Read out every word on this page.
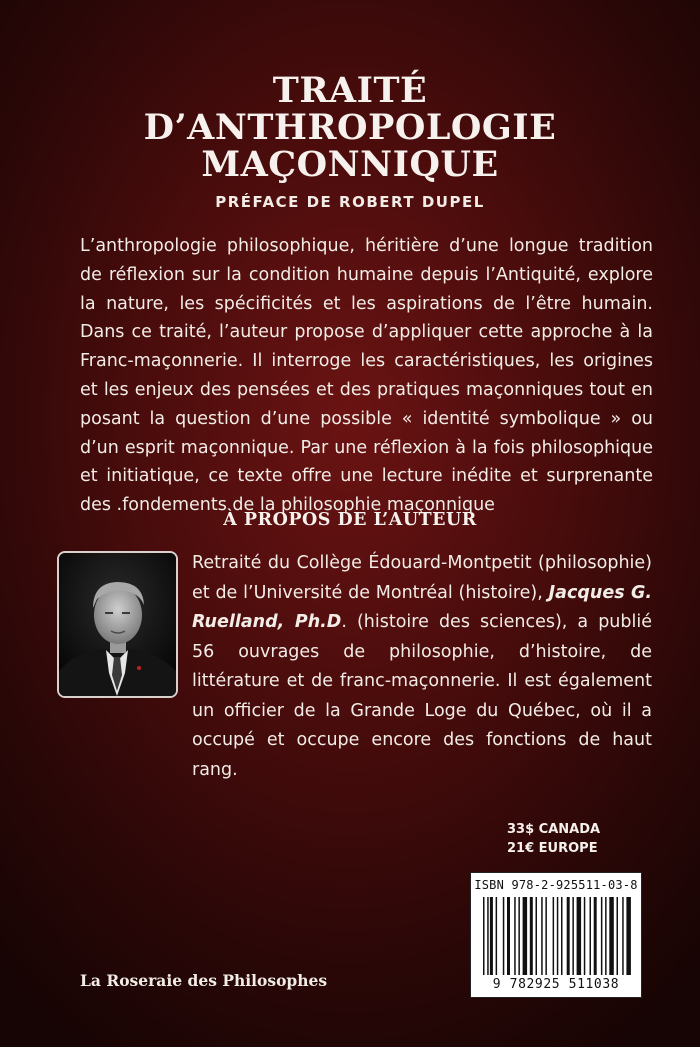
TRAITÉ
D’ANTHROPOLOGIE
MAÇONNIQUE
PRÉFACE DE ROBERT DUPEL

L’anthropologie philosophique, héritière d’une longue tradition de réflexion sur la condition humaine depuis l’Antiquité, explore la nature, les spécificités et les aspirations de l’être humain. Dans ce traité, l’auteur propose d’appliquer cette approche à la Franc-maçonnerie. Il interroge les caractéristiques, les origines et les enjeux des pensées et des pratiques maçonniques tout en posant la question d’une possible « identité symbolique » ou d’un esprit maçonnique. Par une réflexion à la fois philosophique et initiatique, ce texte offre une lecture inédite et surprenante des .fondements de la philosophie maçonnique

À PROPOS DE L’AUTEUR

Retraité du Collège Édouard-Montpetit (philosophie) et de l’Université de Montréal (histoire), Jacques G. Ruelland, Ph.D. (histoire des sciences), a publié 56 ouvrages de philosophie, d’histoire, de littérature et de franc-maçonnerie. Il est également un officier de la Grande Loge du Québec, où il a occupé et occupe encore des fonctions de haut rang.

33$ CANADA
21€ EUROPE
ISBN 978-2-925511-03-8
9 782925 511038
La Roseraie des Philosophes
